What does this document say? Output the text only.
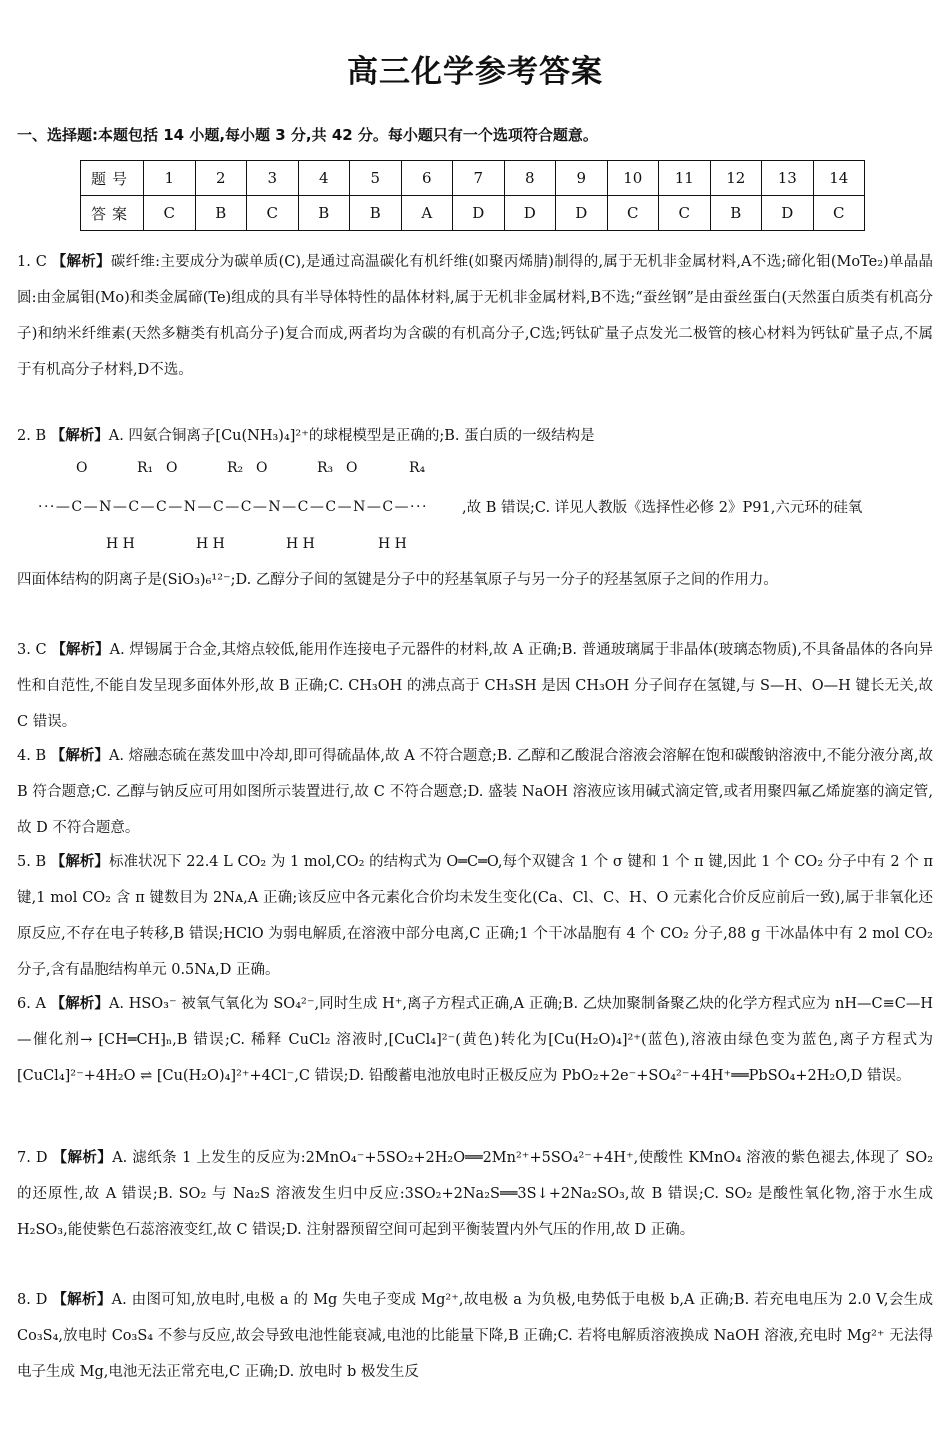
高三化学参考答案
一、选择题:本题包括 14 小题,每小题 3 分,共 42 分。每小题只有一个选项符合题意。
题号	1	2	3	4	5	6	7	8	9	10	11	12	13	14
答案	C	B	C	B	B	A	D	D	D	C	C	B	D	C
1. C 【解析】碳纤维:主要成分为碳单质(C),是通过高温碳化有机纤维(如聚丙烯腈)制得的,属于无机非金属材料,A不选;碲化钼(MoTe₂)单晶晶圆:由金属钼(Mo)和类金属碲(Te)组成的具有半导体特性的晶体材料,属于无机非金属材料,B不选;“蚕丝钢”是由蚕丝蛋白(天然蛋白质类有机高分子)和纳米纤维素(天然多糖类有机高分子)复合而成,两者均为含碳的有机高分子,C选;钙钛矿量子点发光二极管的核心材料为钙钛矿量子点,不属于有机高分子材料,D不选。
2. B 【解析】A. 四氨合铜离子[Cu(NH₃)₄]²⁺的球棍模型是正确的;B. 蛋白质的一级结构是
O	R₁ O	R₂ O	R₃ O	R₄
···—C—N—C—C—N—C—C—N—C—C—N—C—···
H H	H H	H H	H H
,故 B 错误;C. 详见人教版《选择性必修 2》P91,六元环的硅氧
四面体结构的阴离子是(SiO₃)₆¹²⁻;D. 乙醇分子间的氢键是分子中的羟基氧原子与另一分子的羟基氢原子之间的作用力。
3. C 【解析】A. 焊锡属于合金,其熔点较低,能用作连接电子元器件的材料,故 A 正确;B. 普通玻璃属于非晶体(玻璃态物质),不具备晶体的各向异性和自范性,不能自发呈现多面体外形,故 B 正确;C. CH₃OH 的沸点高于 CH₃SH 是因 CH₃OH 分子间存在氢键,与 S—H、O—H 键长无关,故 C 错误。
4. B 【解析】A. 熔融态硫在蒸发皿中冷却,即可得硫晶体,故 A 不符合题意;B. 乙醇和乙酸混合溶液会溶解在饱和碳酸钠溶液中,不能分液分离,故 B 符合题意;C. 乙醇与钠反应可用如图所示装置进行,故 C 不符合题意;D. 盛装 NaOH 溶液应该用碱式滴定管,或者用聚四氟乙烯旋塞的滴定管,故 D 不符合题意。
5. B 【解析】标准状况下 22.4 L CO₂ 为 1 mol,CO₂ 的结构式为 O═C═O,每个双键含 1 个 σ 键和 1 个 π 键,因此 1 个 CO₂ 分子中有 2 个 π 键,1 mol CO₂ 含 π 键数目为 2Nᴀ,A 正确;该反应中各元素化合价均未发生变化(Ca、Cl、C、H、O 元素化合价反应前后一致),属于非氧化还原反应,不存在电子转移,B 错误;HClO 为弱电解质,在溶液中部分电离,C 正确;1 个干冰晶胞有 4 个 CO₂ 分子,88 g 干冰晶体中有 2 mol CO₂ 分子,含有晶胞结构单元 0.5Nᴀ,D 正确。
6. A 【解析】A. HSO₃⁻ 被氧气氧化为 SO₄²⁻,同时生成 H⁺,离子方程式正确,A 正确;B. 乙炔加聚制备聚乙炔的化学方程式应为 nH—C≡C—H —催化剂→ ⁅CH═CH⁆ₙ,B 错误;C. 稀释 CuCl₂ 溶液时,[CuCl₄]²⁻(黄色)转化为[Cu(H₂O)₄]²⁺(蓝色),溶液由绿色变为蓝色,离子方程式为[CuCl₄]²⁻+4H₂O ⇌ [Cu(H₂O)₄]²⁺+4Cl⁻,C 错误;D. 铅酸蓄电池放电时正极反应为 PbO₂+2e⁻+SO₄²⁻+4H⁺══PbSO₄+2H₂O,D 错误。
7. D 【解析】A. 滤纸条 1 上发生的反应为:2MnO₄⁻+5SO₂+2H₂O══2Mn²⁺+5SO₄²⁻+4H⁺,使酸性 KMnO₄ 溶液的紫色褪去,体现了 SO₂ 的还原性,故 A 错误;B. SO₂ 与 Na₂S 溶液发生归中反应:3SO₂+2Na₂S══3S↓+2Na₂SO₃,故 B 错误;C. SO₂ 是酸性氧化物,溶于水生成 H₂SO₃,能使紫色石蕊溶液变红,故 C 错误;D. 注射器预留空间可起到平衡装置内外气压的作用,故 D 正确。
8. D 【解析】A. 由图可知,放电时,电极 a 的 Mg 失电子变成 Mg²⁺,故电极 a 为负极,电势低于电极 b,A 正确;B. 若充电电压为 2.0 V,会生成 Co₃S₄,放电时 Co₃S₄ 不参与反应,故会导致电池性能衰减,电池的比能量下降,B 正确;C. 若将电解质溶液换成 NaOH 溶液,充电时 Mg²⁺ 无法得电子生成 Mg,电池无法正常充电,C 正确;D. 放电时 b 极发生反
